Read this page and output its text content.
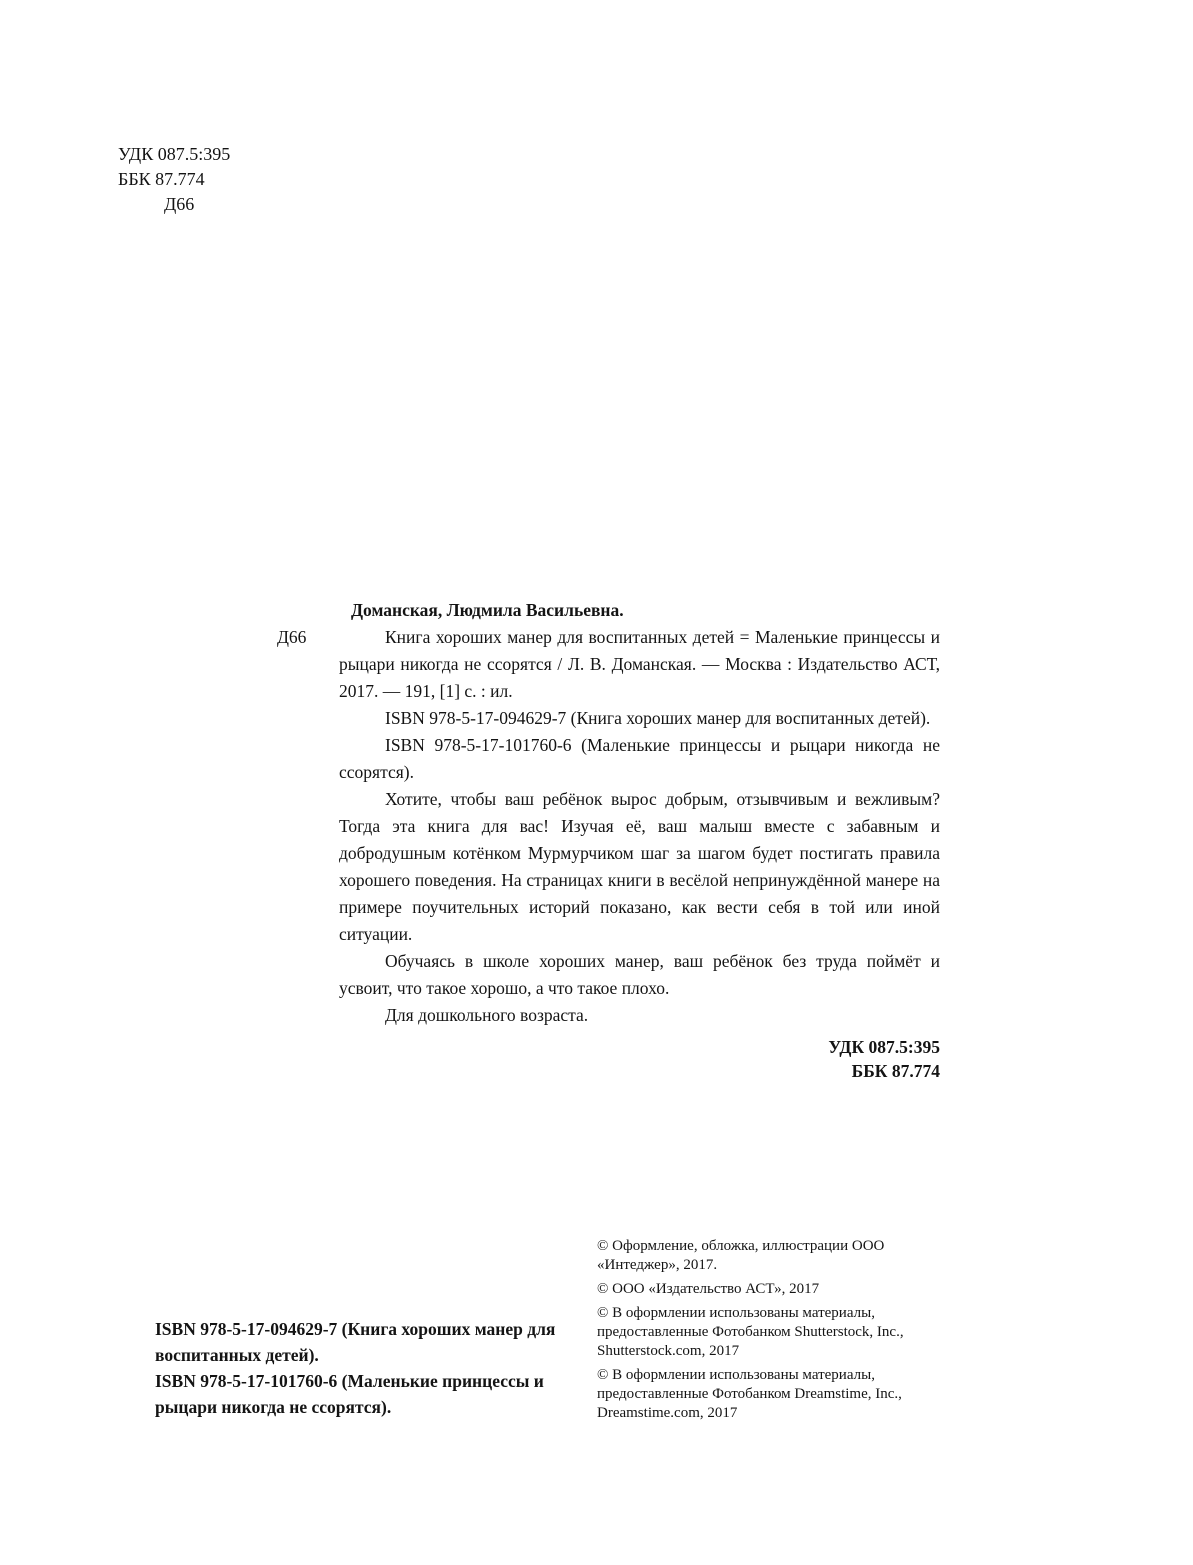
УДК 087.5:395
ББК 87.774
Д66
Д66

Доманская, Людмила Васильевна.

Книга хороших манер для воспитанных детей = Маленькие принцессы и рыцари никогда не ссорятся / Л. В. Доманская. — Москва : Издательство АСТ, 2017. — 191, [1] с. : ил.

ISBN 978-5-17-094629-7 (Книга хороших манер для воспитанных детей).

ISBN 978-5-17-101760-6 (Маленькие принцессы и рыцари никогда не ссорятся).

Хотите, чтобы ваш ребёнок вырос добрым, отзывчивым и вежливым? Тогда эта книга для вас! Изучая её, ваш малыш вместе с забавным и добродушным котёнком Мурмурчиком шаг за шагом будет постигать правила хорошего поведения. На страницах книги в весёлой непринуждённой манере на примере поучительных историй показано, как вести себя в той или иной ситуации.

Обучаясь в школе хороших манер, ваш ребёнок без труда поймёт и усвоит, что такое хорошо, а что такое плохо.

Для дошкольного возраста.

УДК 087.5:395
ББК 87.774

ISBN 978-5-17-094629-7 (Книга хороших манер для воспитанных детей).

ISBN 978-5-17-101760-6 (Маленькие принцессы и рыцари никогда не ссорятся).

© Оформление, обложка, иллюстрации ООО «Интеджер», 2017.

© ООО «Издательство АСТ», 2017

© В оформлении использованы материалы, предоставленные Фотобанком Shutterstock, Inc., Shutterstock.com, 2017

© В оформлении использованы материалы, предоставленные Фотобанком Dreamstime, Inc., Dreamstime.com, 2017
